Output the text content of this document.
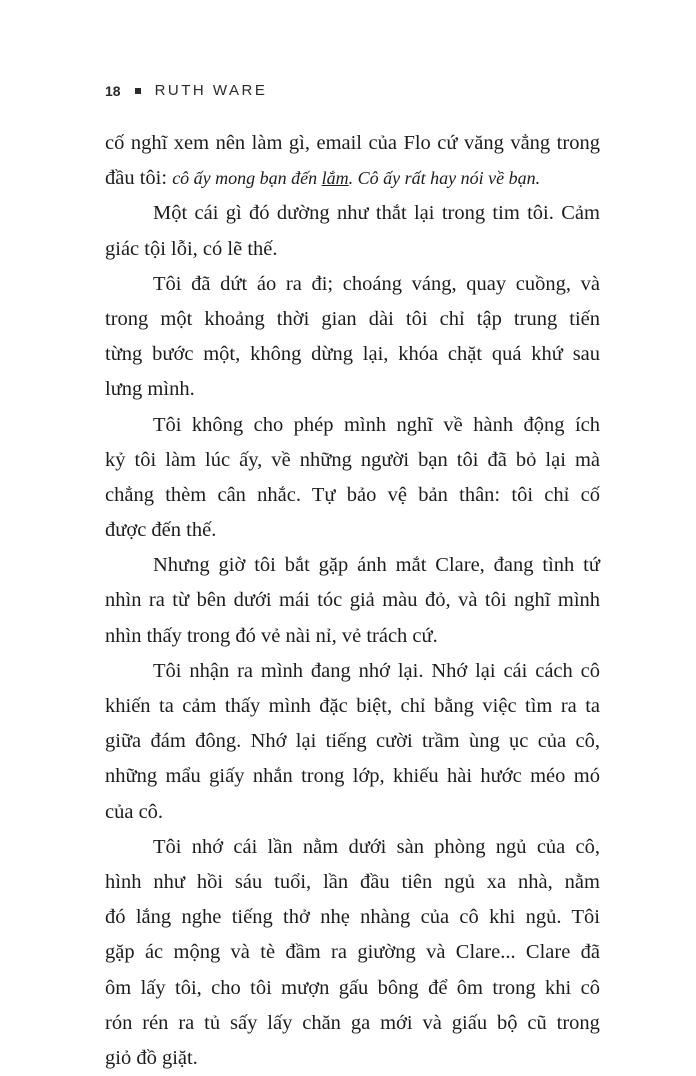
18 RUTH WARE
cố nghĩ xem nên làm gì, email của Flo cứ văng vẳng trong
đầu tôi: cô ấy mong bạn đến lắm. Cô ấy rất hay nói về bạn.
Một cái gì đó dường như thắt lại trong tim tôi. Cảm
giác tội lỗi, có lẽ thế.
Tôi đã dứt áo ra đi; choáng váng, quay cuồng, và
trong một khoảng thời gian dài tôi chỉ tập trung tiến
từng bước một, không dừng lại, khóa chặt quá khứ sau
lưng mình.
Tôi không cho phép mình nghĩ về hành động ích
kỷ tôi làm lúc ấy, về những người bạn tôi đã bỏ lại mà
chẳng thèm cân nhắc. Tự bảo vệ bản thân: tôi chỉ cố
được đến thế.
Nhưng giờ tôi bắt gặp ánh mắt Clare, đang tình tứ
nhìn ra từ bên dưới mái tóc giả màu đỏ, và tôi nghĩ mình
nhìn thấy trong đó vẻ nài nỉ, vẻ trách cứ.
Tôi nhận ra mình đang nhớ lại. Nhớ lại cái cách cô
khiến ta cảm thấy mình đặc biệt, chỉ bằng việc tìm ra ta
giữa đám đông. Nhớ lại tiếng cười trầm ùng ục của cô,
những mẩu giấy nhắn trong lớp, khiếu hài hước méo mó
của cô.
Tôi nhớ cái lần nằm dưới sàn phòng ngủ của cô,
hình như hồi sáu tuổi, lần đầu tiên ngủ xa nhà, nằm
đó lắng nghe tiếng thở nhẹ nhàng của cô khi ngủ. Tôi
gặp ác mộng và tè đầm ra giường và Clare... Clare đã
ôm lấy tôi, cho tôi mượn gấu bông để ôm trong khi cô
rón rén ra tủ sấy lấy chăn ga mới và giấu bộ cũ trong
giỏ đồ giặt.
